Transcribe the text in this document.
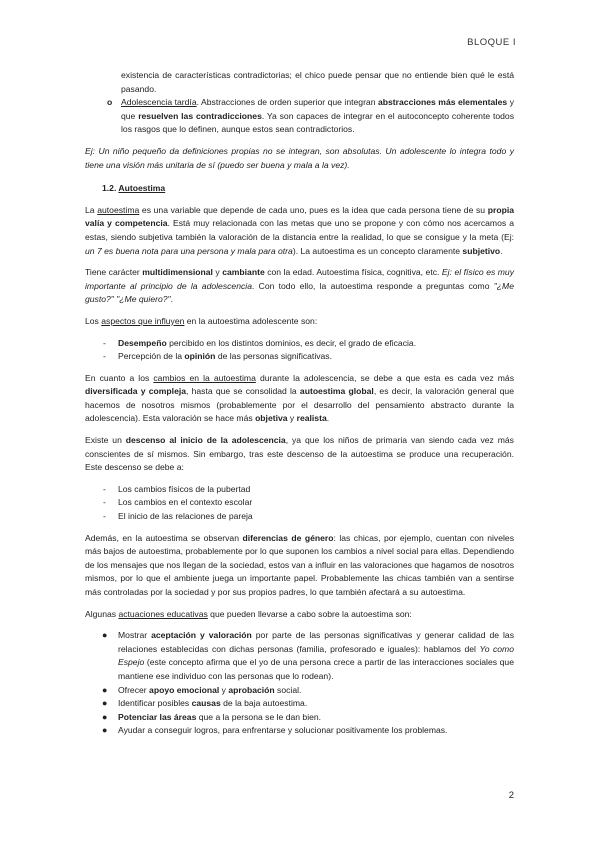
BLOQUE I

existencia de características contradictorias; el chico puede pensar que no entiende bien qué le está pasando.

o Adolescencia tardía. Abstracciones de orden superior que integran abstracciones más elementales y que resuelven las contradicciones. Ya son capaces de integrar en el autoconcepto coherente todos los rasgos que lo definen, aunque estos sean contradictorios.

Ej: Un niño pequeño da definiciones propias no se integran, son absolutas. Un adolescente lo integra todo y tiene una visión más unitaria de sí (puedo ser buena y mala a la vez).

1.2. Autoestima

La autoestima es una variable que depende de cada uno, pues es la idea que cada persona tiene de su propia valía y competencia. Está muy relacionada con las metas que uno se propone y con cómo nos acercamos a estas, siendo subjetiva también la valoración de la distancia entre la realidad, lo que se consigue y la meta (Ej: un 7 es buena nota para una persona y mala para otra). La autoestima es un concepto claramente subjetivo.

Tiene carácter multidimensional y cambiante con la edad. Autoestima física, cognitiva, etc. Ej: el físico es muy importante al principio de la adolescencia. Con todo ello, la autoestima responde a preguntas como "¿Me gusto?" "¿Me quiero?".

Los aspectos que influyen en la autoestima adolescente son:

- Desempeño percibido en los distintos dominios, es decir, el grado de eficacia.
- Percepción de la opinión de las personas significativas.

En cuanto a los cambios en la autoestima durante la adolescencia, se debe a que esta es cada vez más diversificada y compleja, hasta que se consolidad la autoestima global, es decir, la valoración general que hacemos de nosotros mismos (probablemente por el desarrollo del pensamiento abstracto durante la adolescencia). Esta valoración se hace más objetiva y realista.

Existe un descenso al inicio de la adolescencia, ya que los niños de primaria van siendo cada vez más conscientes de sí mismos. Sin embargo, tras este descenso de la autoestima se produce una recuperación. Este descenso se debe a:

- Los cambios físicos de la pubertad
- Los cambios en el contexto escolar
- El inicio de las relaciones de pareja

Además, en la autoestima se observan diferencias de género: las chicas, por ejemplo, cuentan con niveles más bajos de autoestima, probablemente por lo que suponen los cambios a nivel social para ellas. Dependiendo de los mensajes que nos llegan de la sociedad, estos van a influir en las valoraciones que hagamos de nosotros mismos, por lo que el ambiente juega un importante papel. Probablemente las chicas también van a sentirse más controladas por la sociedad y por sus propios padres, lo que también afectará a su autoestima.

Algunas actuaciones educativas que pueden llevarse a cabo sobre la autoestima son:

● Mostrar aceptación y valoración por parte de las personas significativas y generar calidad de las relaciones establecidas con dichas personas (familia, profesorado e iguales): hablamos del Yo como Espejo (este concepto afirma que el yo de una persona crece a partir de las interacciones sociales que mantiene ese individuo con las personas que lo rodean).
● Ofrecer apoyo emocional y aprobación social.
● Identificar posibles causas de la baja autoestima.
● Potenciar las áreas que a la persona se le dan bien.
● Ayudar a conseguir logros, para enfrentarse y solucionar positivamente los problemas.
2
